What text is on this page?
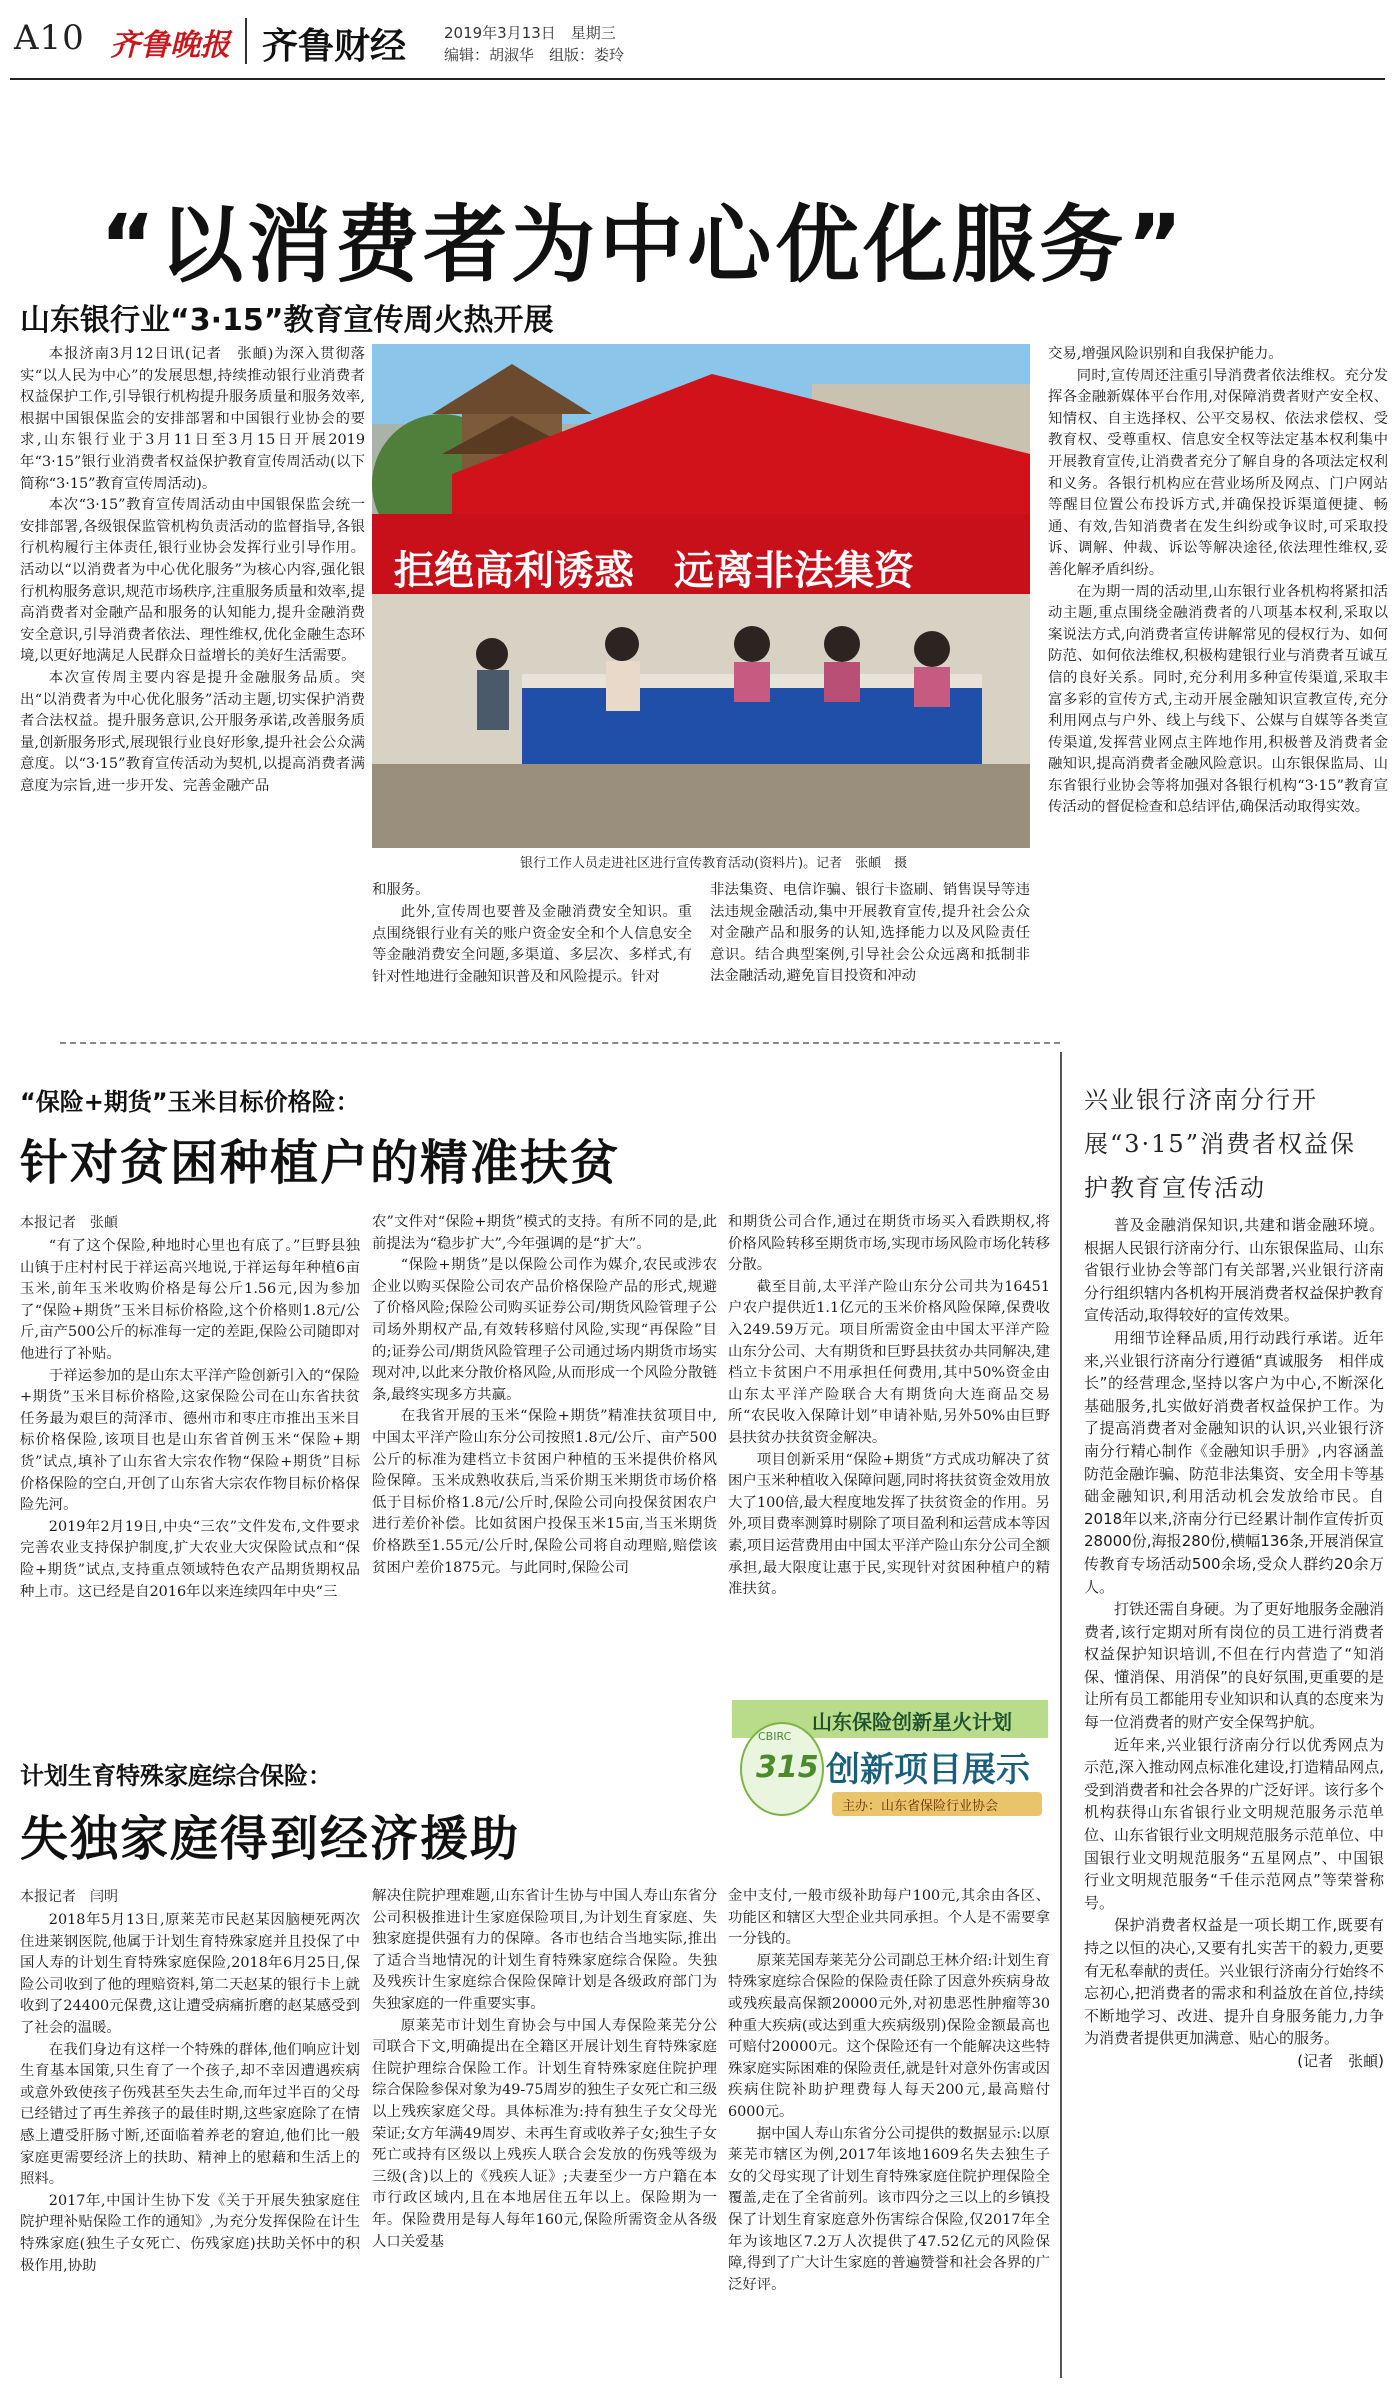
A10 齐鲁晚报 齐鲁财经	2019年3月13日　星期三
编辑：胡淑华　组版：娄玲
“以消费者为中心优化服务”
山东银行业“3·15”教育宣传周火热开展

本报济南3月12日讯(记者　张頔)为深入贯彻落实“以人民为中心”的发展思想,持续推动银行业消费者权益保护工作,引导银行机构提升服务质量和服务效率,根据中国银保监会的安排部署和中国银行业协会的要求,山东银行业于3月11日至3月15日开展2019年“3·15”银行业消费者权益保护教育宣传周活动(以下简称“3·15”教育宣传周活动)。

本次“3·15”教育宣传周活动由中国银保监会统一安排部署,各级银保监管机构负责活动的监督指导,各银行机构履行主体责任,银行业协会发挥行业引导作用。活动以“以消费者为中心优化服务”为核心内容,强化银行机构服务意识,规范市场秩序,注重服务质量和效率,提高消费者对金融产品和服务的认知能力,提升金融消费安全意识,引导消费者依法、理性维权,优化金融生态环境,以更好地满足人民群众日益增长的美好生活需要。

本次宣传周主要内容是提升金融服务品质。突出“以消费者为中心优化服务”活动主题,切实保护消费者合法权益。提升服务意识,公开服务承诺,改善服务质量,创新服务形式,展现银行业良好形象,提升社会公众满意度。以“3·15”教育宣传活动为契机,以提高消费者满意度为宗旨,进一步开发、完善金融产品

拒绝高利诱惑　远离非法集资
银行工作人员走进社区进行宣传教育活动(资料片)。记者　张頔　摄

和服务。

此外,宣传周也要普及金融消费安全知识。重点围绕银行业有关的账户资金安全和个人信息安全等金融消费安全问题,多渠道、多层次、多样式,有针对性地进行金融知识普及和风险提示。针对

非法集资、电信诈骗、银行卡盗刷、销售误导等违法违规金融活动,集中开展教育宣传,提升社会公众对金融产品和服务的认知,选择能力以及风险责任意识。结合典型案例,引导社会公众远离和抵制非法金融活动,避免盲目投资和冲动

交易,增强风险识别和自我保护能力。

同时,宣传周还注重引导消费者依法维权。充分发挥各金融新媒体平台作用,对保障消费者财产安全权、知情权、自主选择权、公平交易权、依法求偿权、受教育权、受尊重权、信息安全权等法定基本权利集中开展教育宣传,让消费者充分了解自身的各项法定权利和义务。各银行机构应在营业场所及网点、门户网站等醒目位置公布投诉方式,并确保投诉渠道便捷、畅通、有效,告知消费者在发生纠纷或争议时,可采取投诉、调解、仲裁、诉讼等解决途径,依法理性维权,妥善化解矛盾纠纷。

在为期一周的活动里,山东银行业各机构将紧扣活动主题,重点围绕金融消费者的八项基本权利,采取以案说法方式,向消费者宣传讲解常见的侵权行为、如何防范、如何依法维权,积极构建银行业与消费者互诚互信的良好关系。同时,充分利用多种宣传渠道,采取丰富多彩的宣传方式,主动开展金融知识宣教宣传,充分利用网点与户外、线上与线下、公媒与自媒等各类宣传渠道,发挥营业网点主阵地作用,积极普及消费者金融知识,提高消费者金融风险意识。山东银保监局、山东省银行业协会等将加强对各银行机构“3·15”教育宣传活动的督促检查和总结评估,确保活动取得实效。

“保险+期货”玉米目标价格险：
针对贫困种植户的精准扶贫
本报记者　张頔

“有了这个保险,种地时心里也有底了。”巨野县独山镇于庄村村民于祥运高兴地说,于祥运每年种植6亩玉米,前年玉米收购价格是每公斤1.56元,因为参加了“保险+期货”玉米目标价格险,这个价格则1.8元/公斤,亩产500公斤的标准每一定的差距,保险公司随即对他进行了补贴。

于祥运参加的是山东太平洋产险创新引入的“保险+期货”玉米目标价格险,这家保险公司在山东省扶贫任务最为艰巨的菏泽市、德州市和枣庄市推出玉米目标价格保险,该项目也是山东省首例玉米“保险+期货”试点,填补了山东省大宗农作物“保险+期货”目标价格保险的空白,开创了山东省大宗农作物目标价格保险先河。

2019年2月19日,中央“三农”文件发布,文件要求完善农业支持保护制度,扩大农业大灾保险试点和“保险+期货”试点,支持重点领域特色农产品期货期权品种上市。这已经是自2016年以来连续四年中央“三

农”文件对“保险+期货”模式的支持。有所不同的是,此前提法为“稳步扩大”,今年强调的是“扩大”。

“保险+期货”是以保险公司作为媒介,农民或涉农企业以购买保险公司农产品价格保险产品的形式,规避了价格风险;保险公司购买证券公司/期货风险管理子公司场外期权产品,有效转移赔付风险,实现“再保险”目的;证券公司/期货风险管理子公司通过场内期货市场实现对冲,以此来分散价格风险,从而形成一个风险分散链条,最终实现多方共赢。

在我省开展的玉米“保险+期货”精准扶贫项目中,中国太平洋产险山东分公司按照1.8元/公斤、亩产500公斤的标准为建档立卡贫困户种植的玉米提供价格风险保障。玉米成熟收获后,当采价期玉米期货市场价格低于目标价格1.8元/公斤时,保险公司向投保贫困农户进行差价补偿。比如贫困户投保玉米15亩,当玉米期货价格跌至1.55元/公斤时,保险公司将自动理赔,赔偿该贫困户差价1875元。与此同时,保险公司

和期货公司合作,通过在期货市场买入看跌期权,将价格风险转移至期货市场,实现市场风险市场化转移分散。

截至目前,太平洋产险山东分公司共为16451户农户提供近1.1亿元的玉米价格风险保障,保费收入249.59万元。项目所需资金由中国太平洋产险山东分公司、大有期货和巨野县扶贫办共同解决,建档立卡贫困户不用承担任何费用,其中50%资金由山东太平洋产险联合大有期货向大连商品交易所“农民收入保障计划”申请补贴,另外50%由巨野县扶贫办扶贫资金解决。

项目创新采用“保险+期货”方式成功解决了贫困户玉米种植收入保障问题,同时将扶贫资金效用放大了100倍,最大程度地发挥了扶贫资金的作用。另外,项目费率测算时剔除了项目盈利和运营成本等因素,项目运营费用由中国太平洋产险山东分公司全额承担,最大限度让惠于民,实现针对贫困种植户的精准扶贫。

山东保险创新星火计划
CBIRC
315 创新项目展示
主办：山东省保险行业协会
计划生育特殊家庭综合保险：
失独家庭得到经济援助
本报记者　闫明

2018年5月13日,原莱芜市民赵某因脑梗死两次住进莱钢医院,他属于计划生育特殊家庭并且投保了中国人寿的计划生育特殊家庭保险,2018年6月25日,保险公司收到了他的理赔资料,第二天赵某的银行卡上就收到了24400元保费,这让遭受病痛折磨的赵某感受到了社会的温暖。

在我们身边有这样一个特殊的群体,他们响应计划生育基本国策,只生育了一个孩子,却不幸因遭遇疾病或意外致使孩子伤残甚至失去生命,而年过半百的父母已经错过了再生养孩子的最佳时期,这些家庭除了在情感上遭受肝肠寸断,还面临着养老的窘迫,他们比一般家庭更需要经济上的扶助、精神上的慰藉和生活上的照料。

2017年,中国计生协下发《关于开展失独家庭住院护理补贴保险工作的通知》,为充分发挥保险在计生特殊家庭(独生子女死亡、伤残家庭)扶助关怀中的积极作用,协助

解决住院护理难题,山东省计生协与中国人寿山东省分公司积极推进计生家庭保险项目,为计划生育家庭、失独家庭提供强有力的保障。各市也结合当地实际,推出了适合当地情况的计划生育特殊家庭综合保险。失独及残疾计生家庭综合保险保障计划是各级政府部门为失独家庭的一件重要实事。

原莱芜市计划生育协会与中国人寿保险莱芜分公司联合下文,明确提出在全籍区开展计划生育特殊家庭住院护理综合保险工作。计划生育特殊家庭住院护理综合保险参保对象为49-75周岁的独生子女死亡和三级以上残疾家庭父母。具体标准为:持有独生子女父母光荣证;女方年满49周岁、未再生育或收养子女;独生子女死亡或持有区级以上残疾人联合会发放的伤残等级为三级(含)以上的《残疾人证》;夫妻至少一方户籍在本市行政区域内,且在本地居住五年以上。保险期为一年。保险费用是每人每年160元,保险所需资金从各级人口关爱基

金中支付,一般市级补助每户100元,其余由各区、功能区和辖区大型企业共同承担。个人是不需要拿一分钱的。

原莱芜国寿莱芜分公司副总王林介绍:计划生育特殊家庭综合保险的保险责任除了因意外疾病身故或残疾最高保额20000元外,对初患恶性肿瘤等30种重大疾病(或达到重大疾病级别)保险金额最高也可赔付20000元。这个保险还有一个能解决这些特殊家庭实际困难的保险责任,就是针对意外伤害或因疾病住院补助护理费每人每天200元,最高赔付6000元。

据中国人寿山东省分公司提供的数据显示:以原莱芜市辖区为例,2017年该地1609名失去独生子女的父母实现了计划生育特殊家庭住院护理保险全覆盖,走在了全省前列。该市四分之三以上的乡镇投保了计划生育家庭意外伤害综合保险,仅2017年全年为该地区7.2万人次提供了47.52亿元的风险保障,得到了广大计生家庭的普遍赞誉和社会各界的广泛好评。

兴业银行济南分行开展“3·15”消费者权益保护教育宣传活动

普及金融消保知识,共建和谐金融环境。根据人民银行济南分行、山东银保监局、山东省银行业协会等部门有关部署,兴业银行济南分行组织辖内各机构开展消费者权益保护教育宣传活动,取得较好的宣传效果。

用细节诠释品质,用行动践行承诺。近年来,兴业银行济南分行遵循“真诚服务　相伴成长”的经营理念,坚持以客户为中心,不断深化基础服务,扎实做好消费者权益保护工作。为了提高消费者对金融知识的认识,兴业银行济南分行精心制作《金融知识手册》,内容涵盖防范金融诈骗、防范非法集资、安全用卡等基础金融知识,利用活动机会发放给市民。自2018年以来,济南分行已经累计制作宣传折页28000份,海报280份,横幅136条,开展消保宣传教育专场活动500余场,受众人群约20余万人。

打铁还需自身硬。为了更好地服务金融消费者,该行定期对所有岗位的员工进行消费者权益保护知识培训,不但在行内营造了“知消保、懂消保、用消保”的良好氛围,更重要的是让所有员工都能用专业知识和认真的态度来为每一位消费者的财产安全保驾护航。

近年来,兴业银行济南分行以优秀网点为示范,深入推动网点标准化建设,打造精品网点,受到消费者和社会各界的广泛好评。该行多个机构获得山东省银行业文明规范服务示范单位、山东省银行业文明规范服务示范单位、中国银行业文明规范服务“五星网点”、中国银行业文明规范服务“千佳示范网点”等荣誉称号。

保护消费者权益是一项长期工作,既要有持之以恒的决心,又要有扎实苦干的毅力,更要有无私奉献的责任。兴业银行济南分行始终不忘初心,把消费者的需求和利益放在首位,持续不断地学习、改进、提升自身服务能力,力争为消费者提供更加满意、贴心的服务。

(记者　张頔)
